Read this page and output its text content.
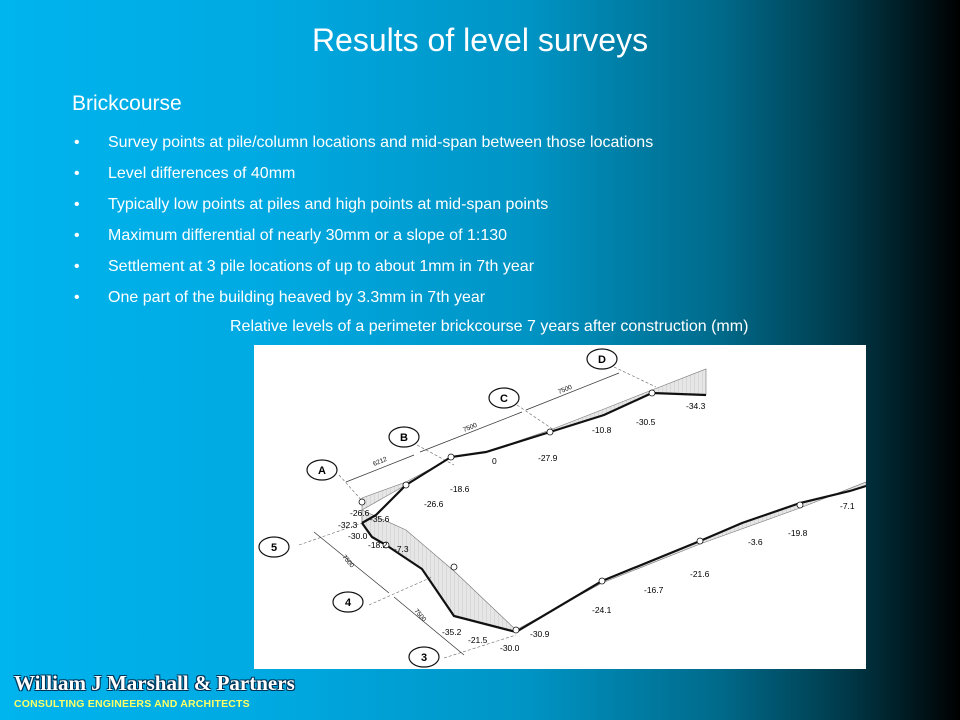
Results of level surveys
Brickcourse
• Survey points at pile/column locations and mid-span between those locations
• Level differences of 40mm
• Typically low points at piles and high points at mid-span points
• Maximum differential of nearly 30mm or a slope of 1:130
• Settlement at 3 pile locations of up to about 1mm in 7th year
• One part of the building heaved by 3.3mm in 7th year
Relative levels of a perimeter brickcourse 7 years after construction (mm)
A
B
C
D
5
4
3
6212
7500
7500
7500
7500
-26.6
-32.3
-30.0
-18.2 -7.3
-35.6
-26.6
-18.6
0	-27.9
-10.8
-30.5
-34.3
-35.2
-21.5
-30.0
-30.9
-24.1
-16.7
-21.6
-3.6
-19.8
-7.1
William J Marshall & Partners
CONSULTING ENGINEERS AND ARCHITECTS
